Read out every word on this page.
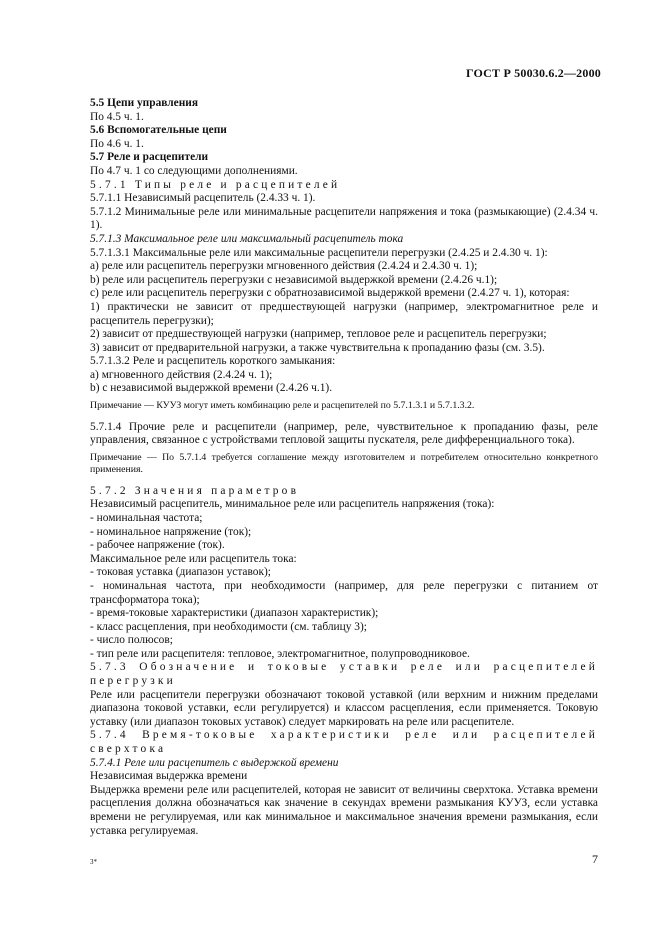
ГОСТ Р 50030.6.2—2000

5.5 Цепи управления

По 4.5 ч. 1.

5.6 Вспомогательные цепи

По 4.6 ч. 1.

5.7 Реле и расцепители

По 4.7 ч. 1 со следующими дополнениями.

5.7.1 Типы реле и расцепителей

5.7.1.1 Независимый расцепитель (2.4.33 ч. 1).

5.7.1.2 Минимальные реле или минимальные расцепители напряжения и тока (размыкающие) (2.4.34 ч. 1).

5.7.1.3 Максимальное реле или максимальный расцепитель тока

5.7.1.3.1 Максимальные реле или максимальные расцепители перегрузки (2.4.25 и 2.4.30 ч. 1):

а) реле или расцепитель перегрузки мгновенного действия (2.4.24 и 2.4.30 ч. 1);

b) реле или расцепитель перегрузки с независимой выдержкой времени (2.4.26 ч.1);

с) реле или расцепитель перегрузки с обратнозависимой выдержкой времени (2.4.27 ч. 1), которая:

1) практически не зависит от предшествующей нагрузки (например, электромагнитное реле и расцепитель перегрузки);

2) зависит от предшествующей нагрузки (например, тепловое реле и расцепитель перегрузки;

3) зависит от предварительной нагрузки, а также чувствительна к пропаданию фазы (см. 3.5).

5.7.1.3.2 Реле и расцепитель короткого замыкания:

а) мгновенного действия (2.4.24 ч. 1);

b) с независимой выдержкой времени (2.4.26 ч.1).

Примечание — КУУЗ могут иметь комбинацию реле и расцепителей по 5.7.1.3.1 и 5.7.1.3.2.

5.7.1.4 Прочие реле и расцепители (например, реле, чувствительное к пропаданию фазы, реле управления, связанное с устройствами тепловой защиты пускателя, реле дифференциального тока).

Примечание — По 5.7.1.4 требуется соглашение между изготовителем и потребителем относительно конкретного применения.

5.7.2 Значения параметров

Независимый расцепитель, минимальное реле или расцепитель напряжения (тока):

- номинальная частота;

- номинальное напряжение (ток);

- рабочее напряжение (ток).

Максимальное реле или расцепитель тока:

- токовая уставка (диапазон уставок);

- номинальная частота, при необходимости (например, для реле перегрузки с питанием от трансформатора тока);

- время-токовые характеристики (диапазон характеристик);

- класс расцепления, при необходимости (см. таблицу 3);

- число полюсов;

- тип реле или расцепителя: тепловое, электромагнитное, полупроводниковое.

5.7.3 Обозначение и токовые уставки реле или расцепителей перегрузки

Реле или расцепители перегрузки обозначают токовой уставкой (или верхним и нижним пределами диапазона токовой уставки, если регулируется) и классом расцепления, если применяется. Токовую уставку (или диапазон токовых уставок) следует маркировать на реле или расцепителе.

5.7.4 Время-токовые характеристики реле или расцепителей сверхтока

5.7.4.1 Реле или расцепитель с выдержкой времени

Независимая выдержка времени

Выдержка времени реле или расцепителей, которая не зависит от величины сверхтока. Уставка времени расцепления должна обозначаться как значение в секундах времени размыкания КУУЗ, если уставка времени не регулируемая, или как минимальное и максимальное значения времени размыкания, если уставка регулируемая.

3*	7
